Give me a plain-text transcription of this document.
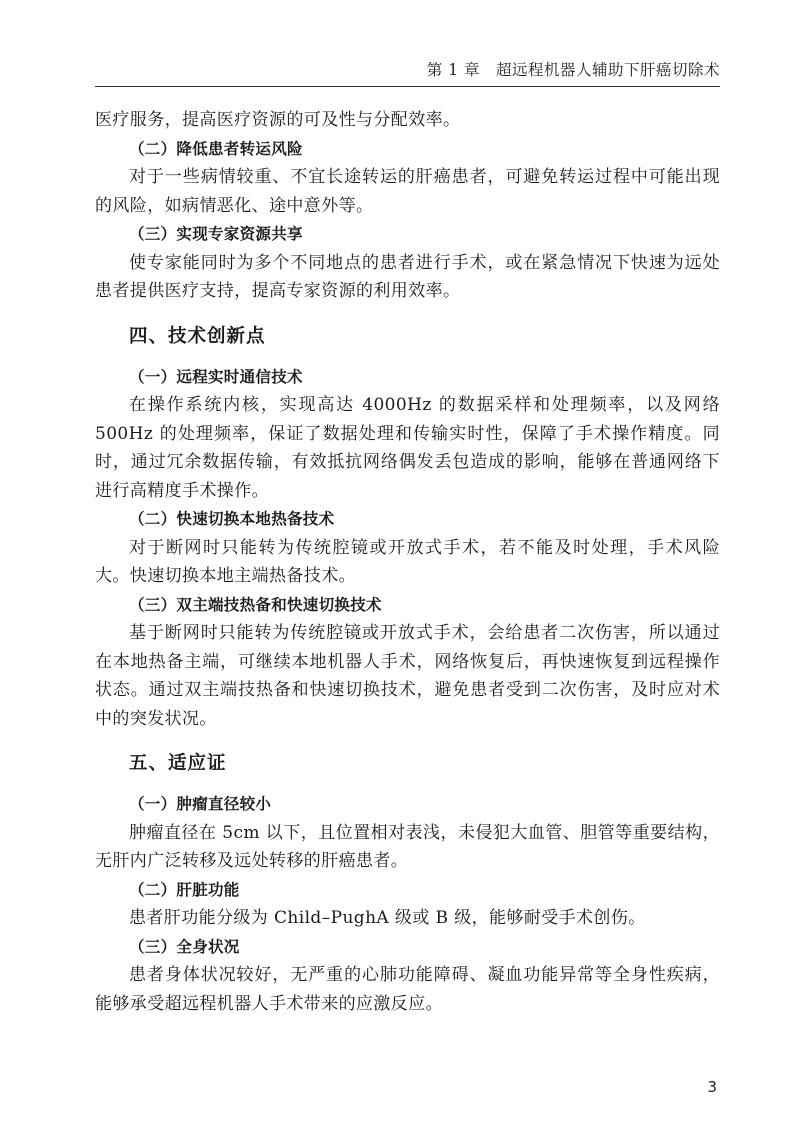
第 1 章　超远程机器人辅助下肝癌切除术

医疗服务，提高医疗资源的可及性与分配效率。

（二）降低患者转运风险

对于一些病情较重、不宜长途转运的肝癌患者，可避免转运过程中可能出现的风险，如病情恶化、途中意外等。

（三）实现专家资源共享

使专家能同时为多个不同地点的患者进行手术，或在紧急情况下快速为远处患者提供医疗支持，提高专家资源的利用效率。

四、技术创新点

（一）远程实时通信技术

在操作系统内核，实现高达 4000Hz 的数据采样和处理频率，以及网络 500Hz 的处理频率，保证了数据处理和传输实时性，保障了手术操作精度。同时，通过冗余数据传输，有效抵抗网络偶发丢包造成的影响，能够在普通网络下进行高精度手术操作。

（二）快速切换本地热备技术

对于断网时只能转为传统腔镜或开放式手术，若不能及时处理，手术风险大。快速切换本地主端热备技术。

（三）双主端技热备和快速切换技术

基于断网时只能转为传统腔镜或开放式手术，会给患者二次伤害，所以通过在本地热备主端，可继续本地机器人手术，网络恢复后，再快速恢复到远程操作状态。通过双主端技热备和快速切换技术，避免患者受到二次伤害，及时应对术中的突发状况。

五、适应证

（一）肿瘤直径较小

肿瘤直径在 5cm 以下，且位置相对表浅，未侵犯大血管、胆管等重要结构，无肝内广泛转移及远处转移的肝癌患者。

（二）肝脏功能

患者肝功能分级为 Child–PughA 级或 B 级，能够耐受手术创伤。

（三）全身状况

患者身体状况较好，无严重的心肺功能障碍、凝血功能异常等全身性疾病，能够承受超远程机器人手术带来的应激反应。

3
